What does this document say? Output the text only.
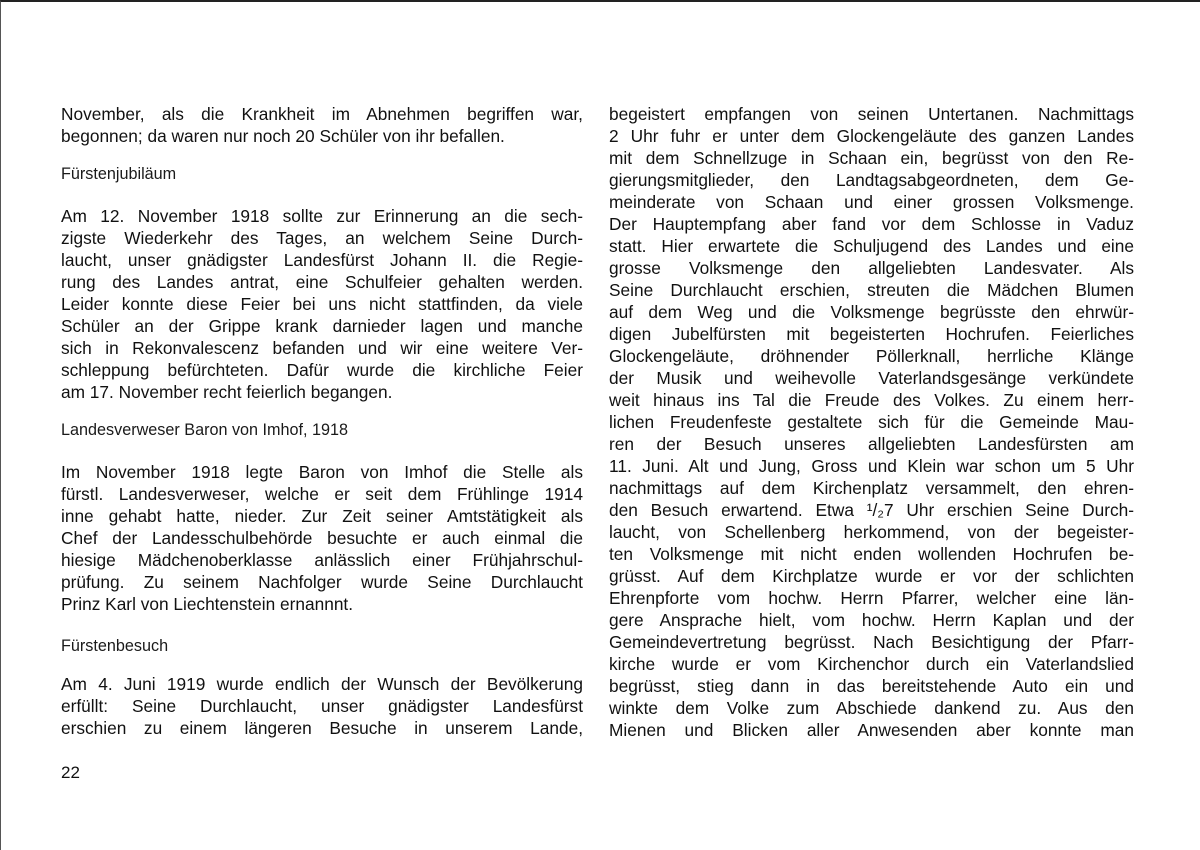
November, als die Krankheit im Abnehmen begriffen war,
begonnen; da waren nur noch 20 Schüler von ihr befallen.
Fürstenjubiläum
Am 12. November 1918 sollte zur Erinnerung an die sech-
zigste Wiederkehr des Tages, an welchem Seine Durch-
laucht, unser gnädigster Landesfürst Johann II. die Regie-
rung des Landes antrat, eine Schulfeier gehalten werden.
Leider konnte diese Feier bei uns nicht stattfinden, da viele
Schüler an der Grippe krank darnieder lagen und manche
sich in Rekonvalescenz befanden und wir eine weitere Ver-
schleppung befürchteten. Dafür wurde die kirchliche Feier
am 17. November recht feierlich begangen.
Landesverweser Baron von Imhof, 1918
Im November 1918 legte Baron von Imhof die Stelle als
fürstl. Landesverweser, welche er seit dem Frühlinge 1914
inne gehabt hatte, nieder. Zur Zeit seiner Amtstätigkeit als
Chef der Landesschulbehörde besuchte er auch einmal die
hiesige Mädchenoberklasse anlässlich einer Frühjahrschul-
prüfung. Zu seinem Nachfolger wurde Seine Durchlaucht
Prinz Karl von Liechtenstein ernannnt.
Fürstenbesuch
Am 4. Juni 1919 wurde endlich der Wunsch der Bevölkerung
erfüllt: Seine Durchlaucht, unser gnädigster Landesfürst
erschien zu einem längeren Besuche in unserem Lande,
begeistert empfangen von seinen Untertanen. Nachmittags
2 Uhr fuhr er unter dem Glockengeläute des ganzen Landes
mit dem Schnellzuge in Schaan ein, begrüsst von den Re-
gierungsmitglieder, den Landtagsabgeordneten, dem Ge-
meinderate von Schaan und einer grossen Volksmenge.
Der Hauptempfang aber fand vor dem Schlosse in Vaduz
statt. Hier erwartete die Schuljugend des Landes und eine
grosse Volksmenge den allgeliebten Landesvater. Als
Seine Durchlaucht erschien, streuten die Mädchen Blumen
auf dem Weg und die Volksmenge begrüsste den ehrwür-
digen Jubelfürsten mit begeisterten Hochrufen. Feierliches
Glockengeläute, dröhnender Pöllerknall, herrliche Klänge
der Musik und weihevolle Vaterlandsgesänge verkündete
weit hinaus ins Tal die Freude des Volkes. Zu einem herr-
lichen Freudenfeste gestaltete sich für die Gemeinde Mau-
ren der Besuch unseres allgeliebten Landesfürsten am
11. Juni. Alt und Jung, Gross und Klein war schon um 5 Uhr
nachmittags auf dem Kirchenplatz versammelt, den ehren-
den Besuch erwartend. Etwa ¹/₂7 Uhr erschien Seine Durch-
laucht, von Schellenberg herkommend, von der begeister-
ten Volksmenge mit nicht enden wollenden Hochrufen be-
grüsst. Auf dem Kirchplatze wurde er vor der schlichten
Ehrenpforte vom hochw. Herrn Pfarrer, welcher eine län-
gere Ansprache hielt, vom hochw. Herrn Kaplan und der
Gemeindevertretung begrüsst. Nach Besichtigung der Pfarr-
kirche wurde er vom Kirchenchor durch ein Vaterlandslied
begrüsst, stieg dann in das bereitstehende Auto ein und
winkte dem Volke zum Abschiede dankend zu. Aus den
Mienen und Blicken aller Anwesenden aber konnte man
22
